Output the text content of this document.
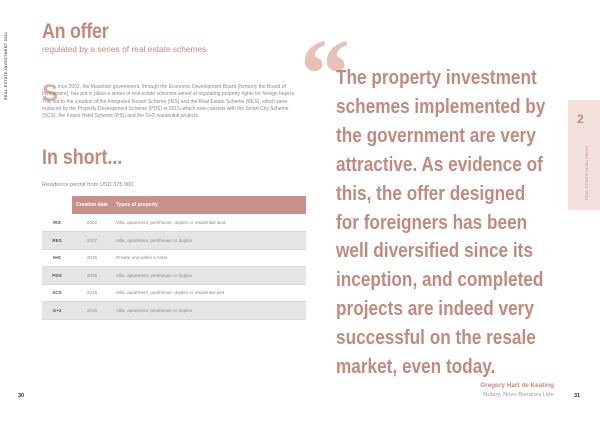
REAL ESTATE INVESTMENT 2021
An offer
regulated by a series of real estate schemes
S ince 2002, the Mauritian government, through the Economic Development Board (formerly the Board of Investment), has put in place a series of real estate schemes aimed at regulating property rights for foreign buyers. This led to the creation of the Integrated Resort Scheme (IRS) and the Real Estate Scheme (RES), which were replaced by the Property Development Scheme (PDS) in 2015–which now coexists with the Smart City Scheme (SCS), the Invest Hotel Scheme (IHS) and the G+2 residential projects.

In short...
Residence permit from USD 375 000
	Creation date	Types of property
IRS	2002	Villa, apartment, penthouse, duplex or residential land
RES	2007	Villa, apartment, penthouse or duplex
IHS	2015	Private unit within a hotel
PDS	2015	Villa, apartment, penthouse or duplex
SCS	2015	Villa, apartment, penthouse, duplex or residential plot
G+2	2016	Villa, apartment, penthouse or duplex
30
“
The property investment
schemes implemented by
the government are very
attractive. As evidence of
this, the offer designed
for foreigners has been
well diversified since its
inception, and completed
projects are indeed very
successful on the resale
market, even today.
Gregory Hart de Keating
Notary, Novo Bonanza Ltée	31
2
REAL ESTATE INVESTMENT
